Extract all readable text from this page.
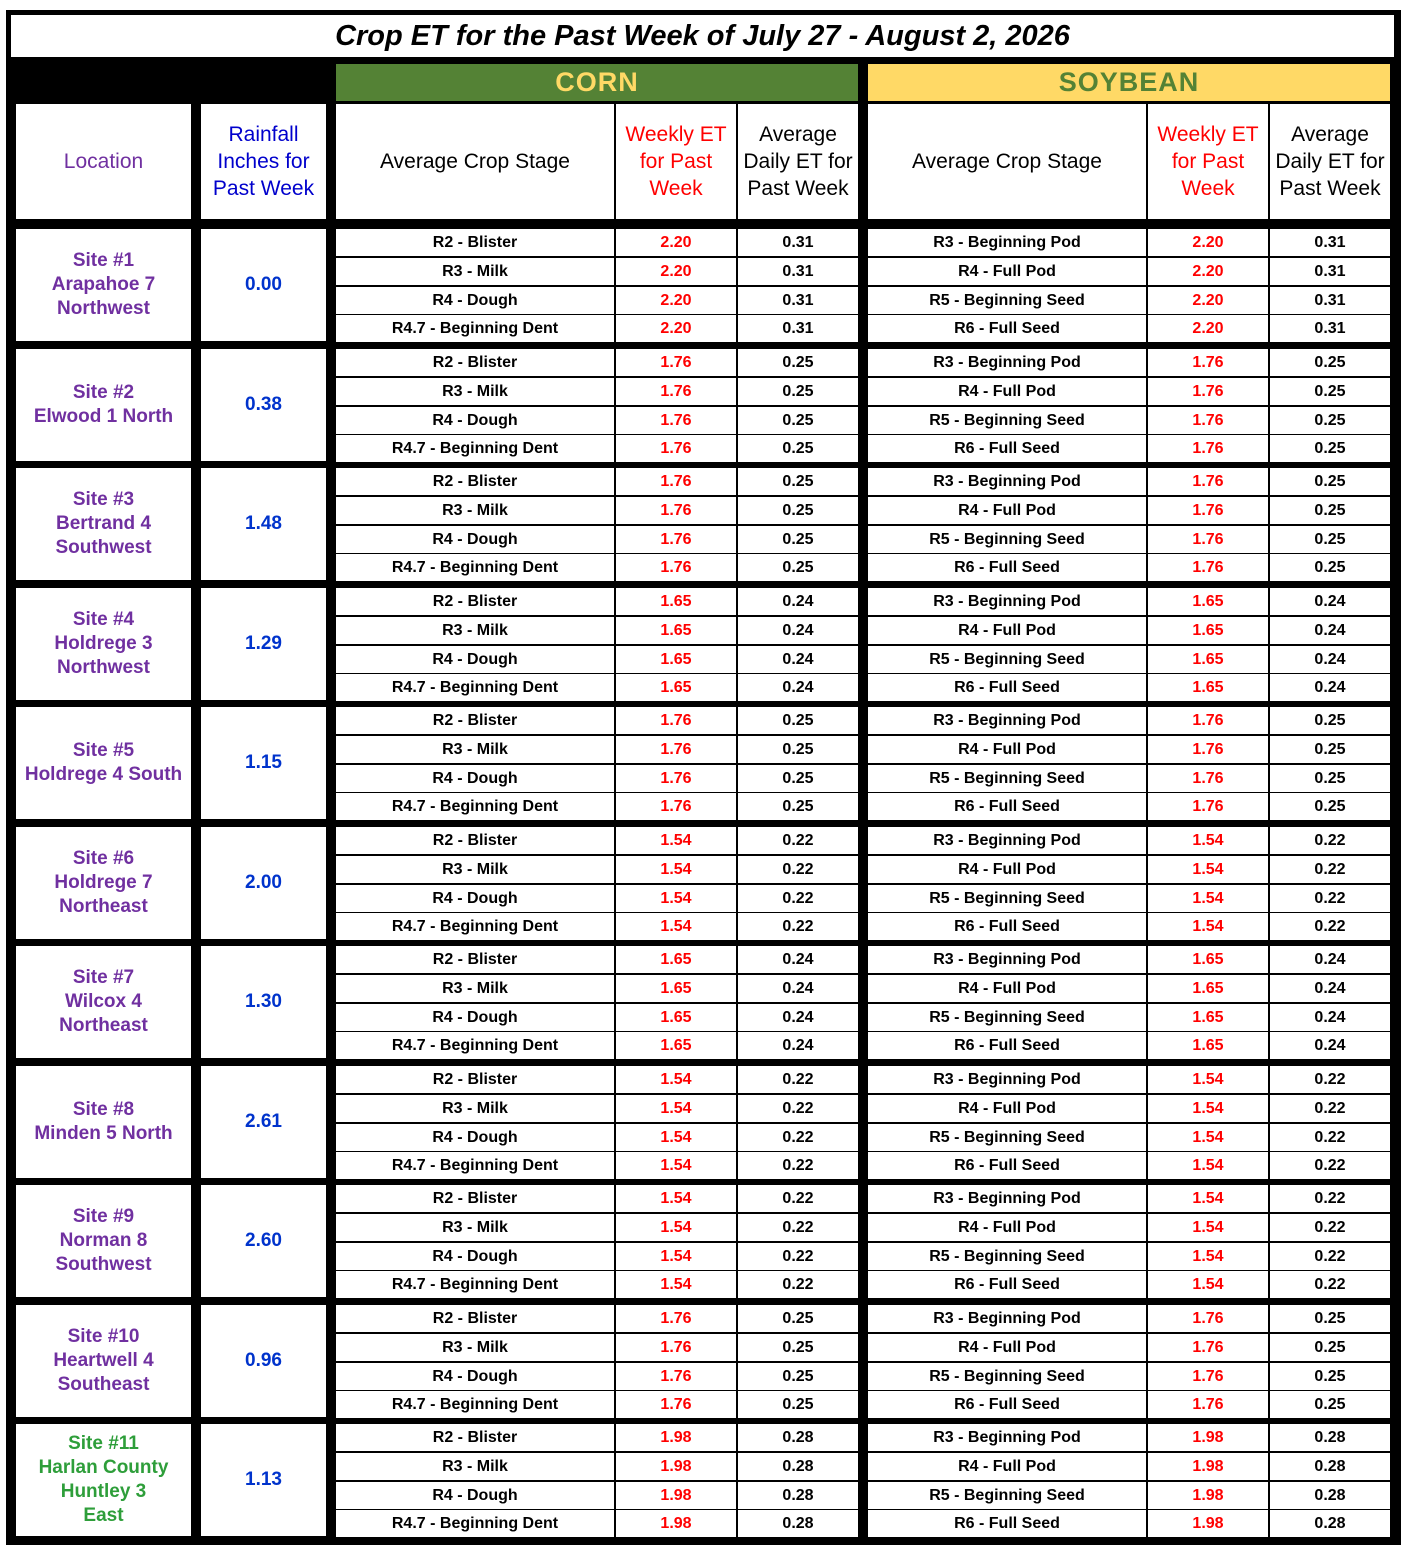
Crop ET for the Past Week of July 27 - August 2, 2026
CORN	SOYBEAN
Location
Rainfall Inches for Past Week
Average Crop Stage
Weekly ET for Past Week
Average Daily ET for Past Week
Average Crop Stage
Weekly ET for Past Week
Average Daily ET for Past Week
Site #1
Arapahoe 7
Northwest
0.00
R2 - Blister	2.20	0.31	R3 - Beginning Pod	2.20	0.31
R3 - Milk	2.20	0.31	R4 - Full Pod	2.20	0.31
R4 - Dough	2.20	0.31	R5 - Beginning Seed	2.20	0.31
R4.7 - Beginning Dent	2.20	0.31	R6 - Full Seed	2.20	0.31
Site #2
Elwood 1 North
0.38
R2 - Blister	1.76	0.25	R3 - Beginning Pod	1.76	0.25
R3 - Milk	1.76	0.25	R4 - Full Pod	1.76	0.25
R4 - Dough	1.76	0.25	R5 - Beginning Seed	1.76	0.25
R4.7 - Beginning Dent	1.76	0.25	R6 - Full Seed	1.76	0.25
Site #3
Bertrand 4
Southwest
1.48
R2 - Blister	1.76	0.25	R3 - Beginning Pod	1.76	0.25
R3 - Milk	1.76	0.25	R4 - Full Pod	1.76	0.25
R4 - Dough	1.76	0.25	R5 - Beginning Seed	1.76	0.25
R4.7 - Beginning Dent	1.76	0.25	R6 - Full Seed	1.76	0.25
Site #4
Holdrege 3
Northwest
1.29
R2 - Blister	1.65	0.24	R3 - Beginning Pod	1.65	0.24
R3 - Milk	1.65	0.24	R4 - Full Pod	1.65	0.24
R4 - Dough	1.65	0.24	R5 - Beginning Seed	1.65	0.24
R4.7 - Beginning Dent	1.65	0.24	R6 - Full Seed	1.65	0.24
Site #5
Holdrege 4 South
1.15
R2 - Blister	1.76	0.25	R3 - Beginning Pod	1.76	0.25
R3 - Milk	1.76	0.25	R4 - Full Pod	1.76	0.25
R4 - Dough	1.76	0.25	R5 - Beginning Seed	1.76	0.25
R4.7 - Beginning Dent	1.76	0.25	R6 - Full Seed	1.76	0.25
Site #6
Holdrege 7
Northeast
2.00
R2 - Blister	1.54	0.22	R3 - Beginning Pod	1.54	0.22
R3 - Milk	1.54	0.22	R4 - Full Pod	1.54	0.22
R4 - Dough	1.54	0.22	R5 - Beginning Seed	1.54	0.22
R4.7 - Beginning Dent	1.54	0.22	R6 - Full Seed	1.54	0.22
Site #7
Wilcox 4
Northeast
1.30
R2 - Blister	1.65	0.24	R3 - Beginning Pod	1.65	0.24
R3 - Milk	1.65	0.24	R4 - Full Pod	1.65	0.24
R4 - Dough	1.65	0.24	R5 - Beginning Seed	1.65	0.24
R4.7 - Beginning Dent	1.65	0.24	R6 - Full Seed	1.65	0.24
Site #8
Minden 5 North
2.61
R2 - Blister	1.54	0.22	R3 - Beginning Pod	1.54	0.22
R3 - Milk	1.54	0.22	R4 - Full Pod	1.54	0.22
R4 - Dough	1.54	0.22	R5 - Beginning Seed	1.54	0.22
R4.7 - Beginning Dent	1.54	0.22	R6 - Full Seed	1.54	0.22
Site #9
Norman 8
Southwest
2.60
R2 - Blister	1.54	0.22	R3 - Beginning Pod	1.54	0.22
R3 - Milk	1.54	0.22	R4 - Full Pod	1.54	0.22
R4 - Dough	1.54	0.22	R5 - Beginning Seed	1.54	0.22
R4.7 - Beginning Dent	1.54	0.22	R6 - Full Seed	1.54	0.22
Site #10
Heartwell 4
Southeast
0.96
R2 - Blister	1.76	0.25	R3 - Beginning Pod	1.76	0.25
R3 - Milk	1.76	0.25	R4 - Full Pod	1.76	0.25
R4 - Dough	1.76	0.25	R5 - Beginning Seed	1.76	0.25
R4.7 - Beginning Dent	1.76	0.25	R6 - Full Seed	1.76	0.25
Site #11
Harlan County
Huntley 3
East
1.13
R2 - Blister	1.98	0.28	R3 - Beginning Pod	1.98	0.28
R3 - Milk	1.98	0.28	R4 - Full Pod	1.98	0.28
R4 - Dough	1.98	0.28	R5 - Beginning Seed	1.98	0.28
R4.7 - Beginning Dent	1.98	0.28	R6 - Full Seed	1.98	0.28
